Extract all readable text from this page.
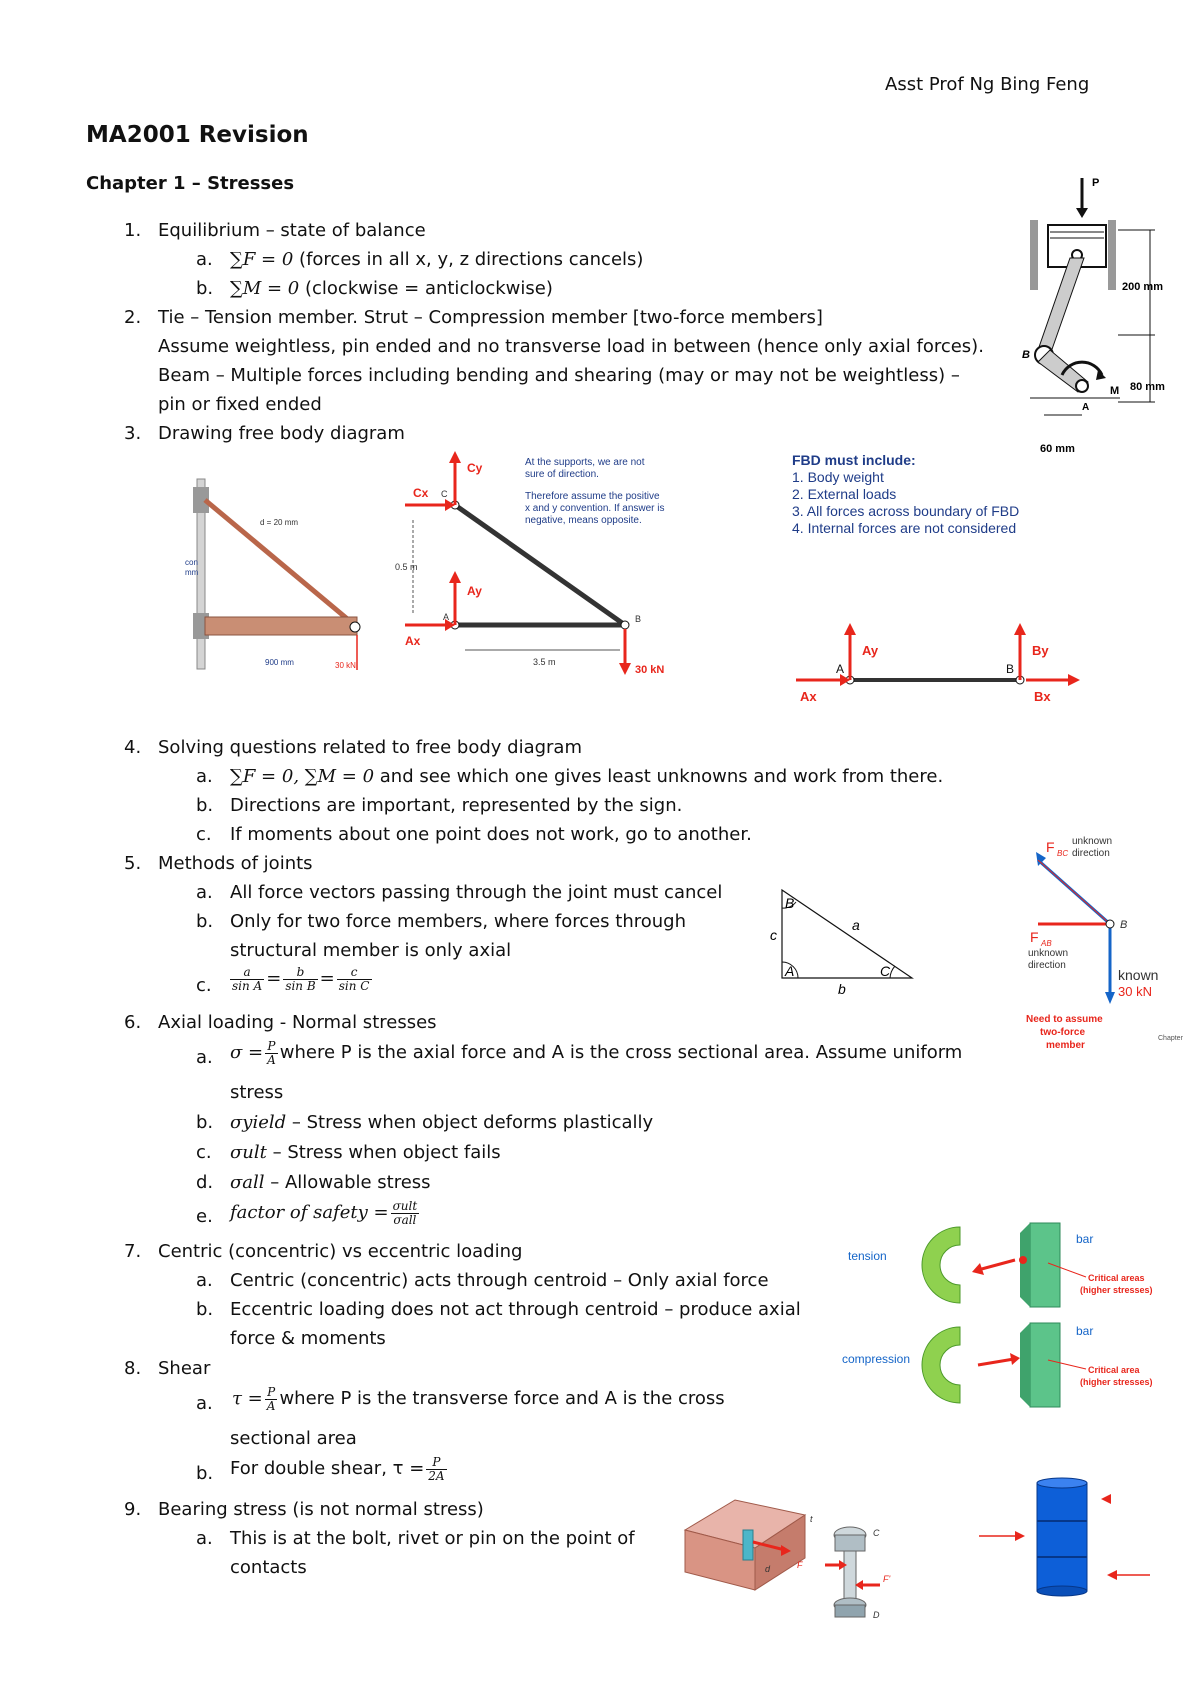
Asst Prof Ng Bing Feng
MA2001 Revision
Chapter 1 – Stresses
1. Equilibrium – state of balance
a. ∑F = 0 (forces in all x, y, z directions cancels)
b. ∑M = 0 (clockwise = anticlockwise)
2. Tie – Tension member. Strut – Compression member [two-force members]
Assume weightless, pin ended and no transverse load in between (hence only axial forces).
Beam – Multiple forces including bending and shearing (may or may not be weightless) –
pin or fixed ended
3. Drawing free body diagram
4. Solving questions related to free body diagram
a. ∑F = 0, ∑M = 0 and see which one gives least unknowns and work from there.
b. Directions are important, represented by the sign.
c. If moments about one point does not work, go to another.
5. Methods of joints
a. All force vectors passing through the joint must cancel
b. Only for two force members, where forces through
structural member is only axial
c. $\frac{a}{\text{sin A}} = \frac{b}{\text{sin B}} = \frac{c}{\text{sin C}}$
6. Axial loading - Normal stresses
a. $\sigma = \frac{P}{A}$ where P is the axial force and A is the cross sectional area. Assume uniform
stress
b. σyield – Stress when object deforms plastically
c. σult – Stress when object fails
d. σall – Allowable stress
e. factor of safety = $\frac{\text{σult}}{\text{σall}}$
7. Centric (concentric) vs eccentric loading
a. Centric (concentric) acts through centroid – Only axial force
b. Eccentric loading does not act through centroid – produce axial
force & moments
8. Shear
a. $\tau = \frac{P}{A}$ where P is the transverse force and A is the cross
sectional area
b. For double shear, $\tau = \frac{P}{2A}$
9. Bearing stress (is not normal stress)
a. This is at the bolt, rivet or pin on the point of
contacts
P
200 mm
80 mm
60 mm
B
M
A
d = 20 mm
con
mm
900 mm	30 kN
Cy
Cx C
Ay
Ax
A	B
0.5 m
3.5 m
30 kN
At the supports, we are not
sure of direction.
Therefore assume the positive
x and y convention. If answer is
negative, means opposite.
FBD must include:
1. Body weight
2. External loads
3. All forces across boundary of FBD
4. Internal forces are not considered
Ay	By
A	B
Ax	Bx
F BC
unknown
direction
B
F AB
unknown
direction
known
30 kN
Need to assume
two-force
member
Chapter
B
A	C
a
b
c
tension
compression
bar
Critical areas
(higher stresses)
bar
Critical area
(higher stresses)
t
d	F
C
F'
D
